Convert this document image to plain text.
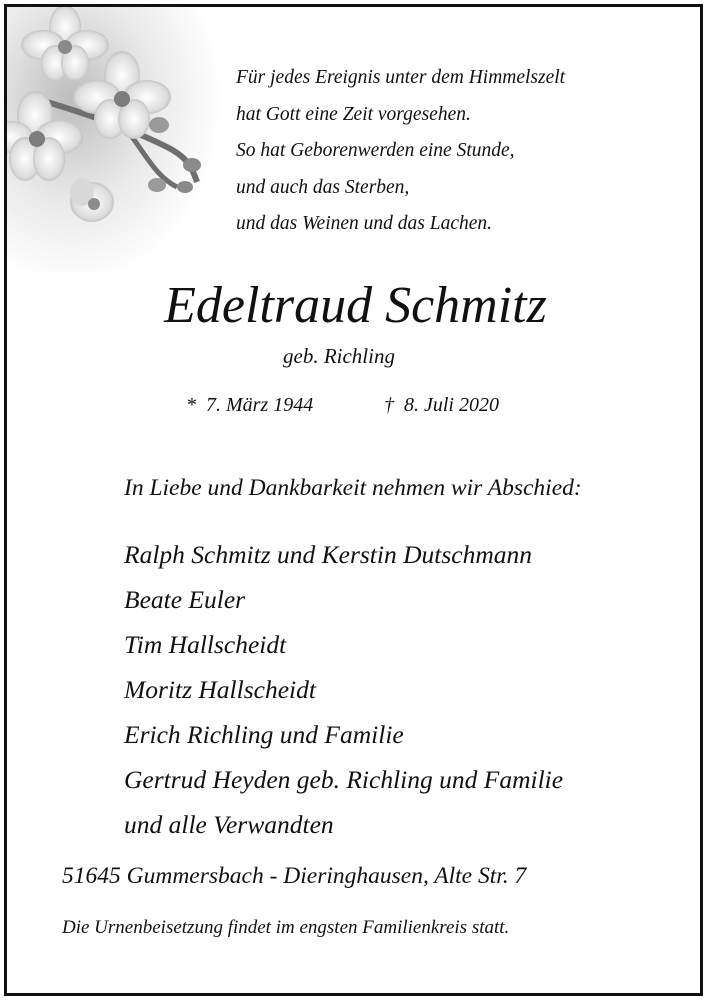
Für jedes Ereignis unter dem Himmelszelt
hat Gott eine Zeit vorgesehen.
So hat Geborenwerden eine Stunde,
und auch das Sterben,
und das Weinen und das Lachen.
Edeltraud Schmitz
geb. Richling
* 7. März 1944	† 8. Juli 2020
In Liebe und Dankbarkeit nehmen wir Abschied:
Ralph Schmitz und Kerstin Dutschmann
Beate Euler
Tim Hallscheidt
Moritz Hallscheidt
Erich Richling und Familie
Gertrud Heyden geb. Richling und Familie
und alle Verwandten
51645 Gummersbach - Dieringhausen, Alte Str. 7
Die Urnenbeisetzung findet im engsten Familienkreis statt.
